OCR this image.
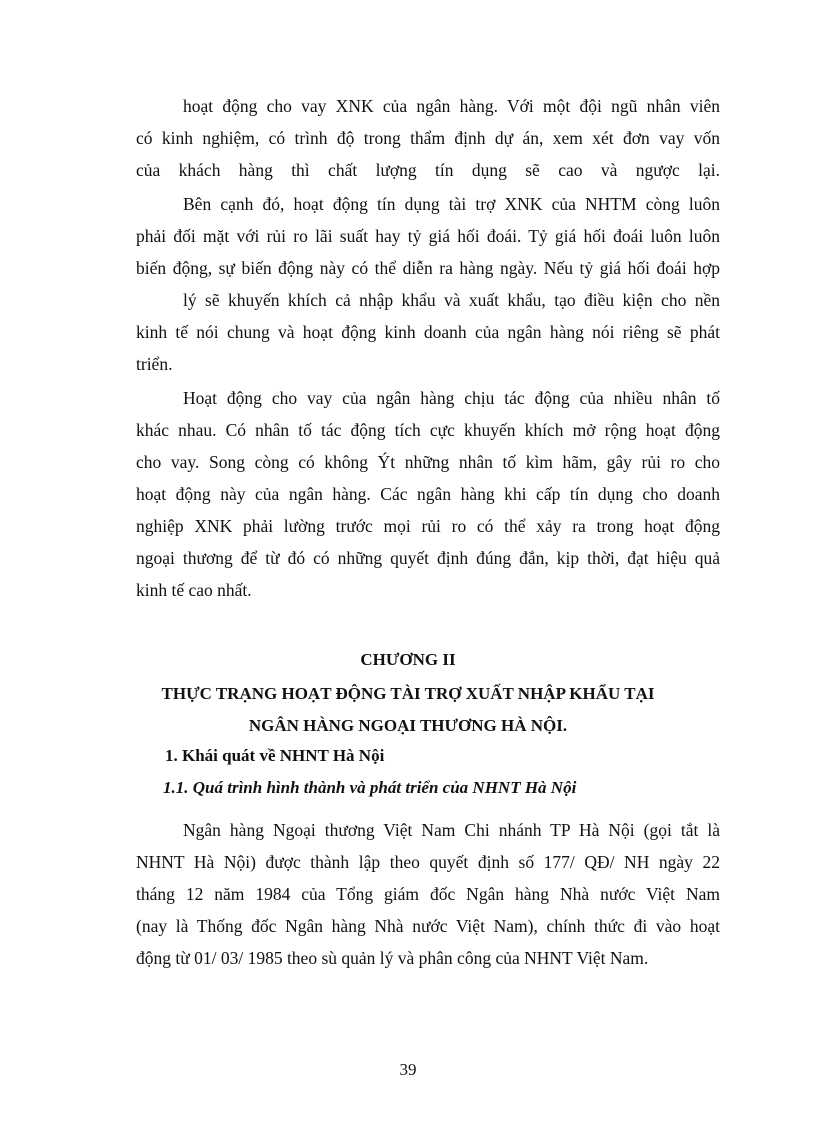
hoạt động cho vay XNK của ngân hàng. Với một đội ngũ nhân viên
có kinh nghiệm, có trình độ trong thẩm định dự án, xem xét đơn vay vốn
của khách hàng thì chất lượng tín dụng sẽ cao và ngược lại.
Bên cạnh đó, hoạt động tín dụng tài trợ XNK của NHTM còng luôn
phải đối mặt với rủi ro lãi suất hay tỷ giá hối đoái. Tỷ giá hối đoái luôn luôn
biến động, sự biến động này có thể diễn ra hàng ngày. Nếu tỷ giá hối đoái hợp
lý sẽ khuyến khích cả nhập khẩu và xuất khẩu, tạo điều kiện cho nền
kinh tế nói chung và hoạt động kinh doanh của ngân hàng nói riêng sẽ phát
triển.
Hoạt động cho vay của ngân hàng chịu tác động của nhiều nhân tố
khác nhau. Có nhân tố tác động tích cực khuyến khích mở rộng hoạt động
cho vay. Song còng có không Ýt những nhân tố kìm hãm, gây rủi ro cho
hoạt động này của ngân hàng. Các ngân hàng khi cấp tín dụng cho doanh
nghiệp XNK phải lường trước mọi rủi ro có thể xảy ra trong hoạt động
ngoại thương để từ đó có những quyết định đúng đắn, kịp thời, đạt hiệu quả
kinh tế cao nhất.
CHƯƠNG II
THỰC TRẠNG HOẠT ĐỘNG TÀI TRỢ XUẤT NHẬP KHẨU TẠI
NGÂN HÀNG NGOẠI THƯƠNG HÀ NỘI.
1. Khái quát về NHNT Hà Nội
1.1. Quá trình hình thành và phát triển của NHNT Hà Nội
Ngân hàng Ngoại thương Việt Nam Chi nhánh TP Hà Nội (gọi tắt là
NHNT Hà Nội) được thành lập theo quyết định số 177/ QĐ/ NH ngày 22
tháng 12 năm 1984 của Tổng giám đốc Ngân hàng Nhà nước Việt Nam
(nay là Thống đốc Ngân hàng Nhà nước Việt Nam), chính thức đi vào hoạt
động từ 01/ 03/ 1985 theo sù quản lý và phân công của NHNT Việt Nam.
39
